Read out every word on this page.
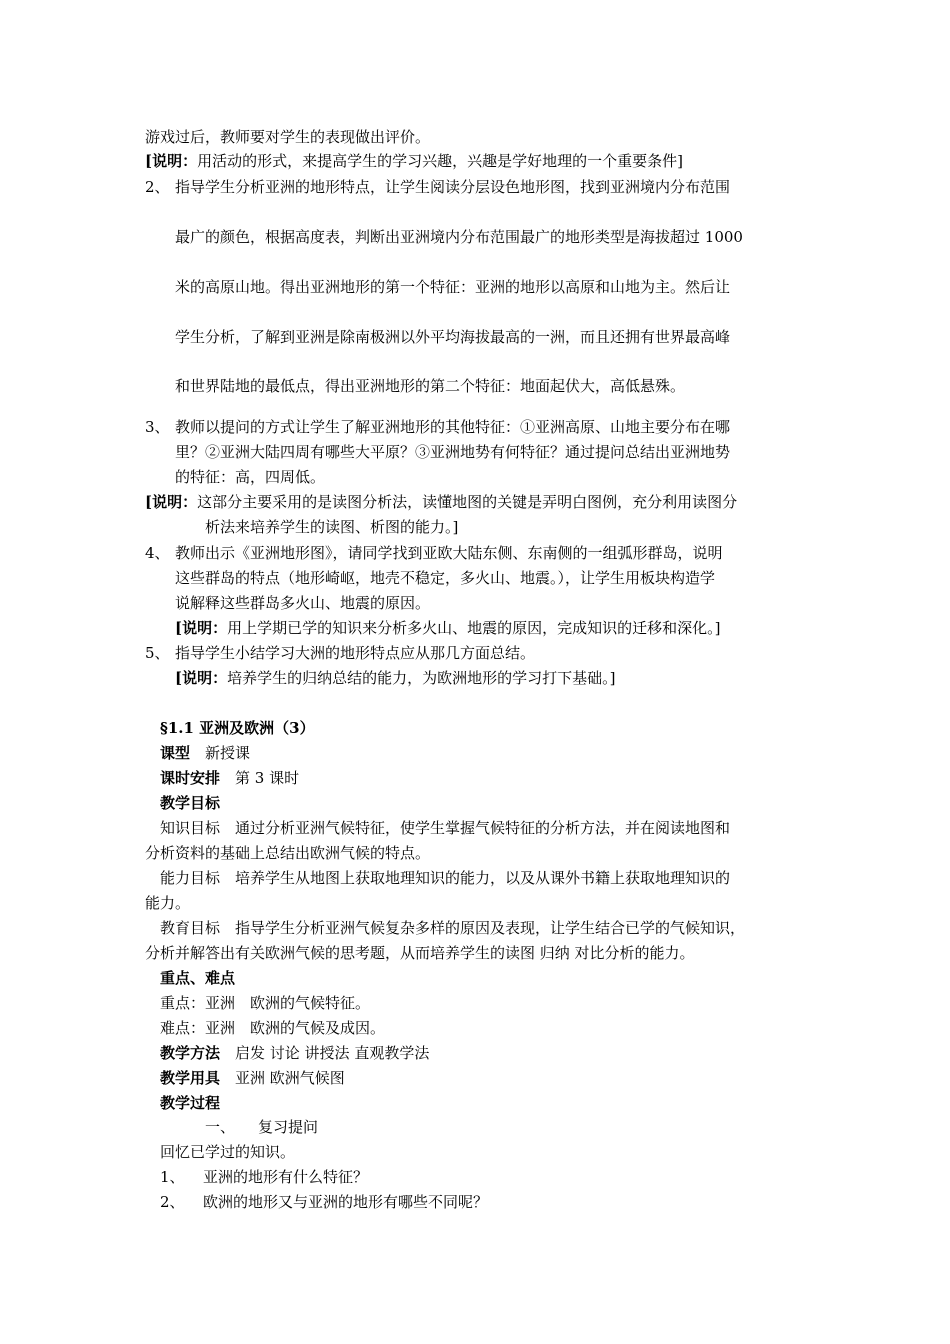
游戏过后，教师要对学生的表现做出评价。
[说明：用活动的形式，来提高学生的学习兴趣，兴趣是学好地理的一个重要条件]
2、 指导学生分析亚洲的地形特点，让学生阅读分层设色地形图，找到亚洲境内分布范围
最广的颜色，根据高度表，判断出亚洲境内分布范围最广的地形类型是海拔超过 1000
米的高原山地。得出亚洲地形的第一个特征：亚洲的地形以高原和山地为主。然后让
学生分析，了解到亚洲是除南极洲以外平均海拔最高的一洲，而且还拥有世界最高峰
和世界陆地的最低点，得出亚洲地形的第二个特征：地面起伏大，高低悬殊。
3、 教师以提问的方式让学生了解亚洲地形的其他特征：①亚洲高原、山地主要分布在哪
里？②亚洲大陆四周有哪些大平原？③亚洲地势有何特征？通过提问总结出亚洲地势
的特征：高，四周低。
[说明：这部分主要采用的是读图分析法，读懂地图的关键是弄明白图例，充分利用读图分
析法来培养学生的读图、析图的能力。]
4、 教师出示《亚洲地形图》，请同学找到亚欧大陆东侧、东南侧的一组弧形群岛，说明
这些群岛的特点（地形崎岖，地壳不稳定，多火山、地震。），让学生用板块构造学
说解释这些群岛多火山、地震的原因。
[说明：用上学期已学的知识来分析多火山、地震的原因，完成知识的迁移和深化。]
5、 指导学生小结学习大洲的地形特点应从那几方面总结。
[说明：培养学生的归纳总结的能力，为欧洲地形的学习打下基础。]
§1.1 亚洲及欧洲（3）
课型 新授课
课时安排 第 3 课时
教学目标
知识目标 通过分析亚洲气候特征，使学生掌握气候特征的分析方法，并在阅读地图和
分析资料的基础上总结出欧洲气候的特点。
能力目标 培养学生从地图上获取地理知识的能力，以及从课外书籍上获取地理知识的
能力。
教育目标 指导学生分析亚洲气候复杂多样的原因及表现，让学生结合已学的气候知识，
分析并解答出有关欧洲气候的思考题，从而培养学生的读图 归纳 对比分析的能力。
重点、难点
重点：亚洲　欧洲的气候特征。
难点：亚洲　欧洲的气候及成因。
教学方法 启发 讨论 讲授法 直观教学法
教学用具 亚洲 欧洲气候图
教学过程
一、 复习提问
回忆已学过的知识。
1、 亚洲的地形有什么特征？
2、 欧洲的地形又与亚洲的地形有哪些不同呢？
